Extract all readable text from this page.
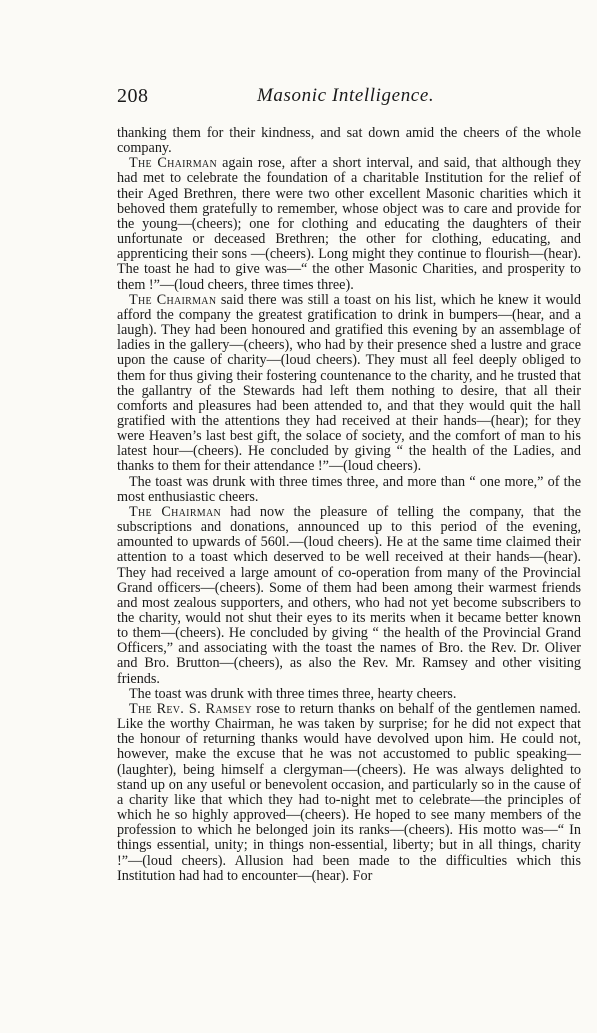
208	Masonic Intelligence.

thanking them for their kindness, and sat down amid the cheers of the whole company.

The Chairman again rose, after a short interval, and said, that although they had met to celebrate the foundation of a charitable Institution for the relief of their Aged Brethren, there were two other excellent Masonic charities which it behoved them gratefully to remember, whose object was to care and provide for the young—(cheers); one for clothing and educating the daughters of their unfortunate or deceased Brethren; the other for clothing, educating, and apprenticing their sons —(cheers). Long might they continue to flourish—(hear). The toast he had to give was—“ the other Masonic Charities, and prosperity to them !”—(loud cheers, three times three).

The Chairman said there was still a toast on his list, which he knew it would afford the company the greatest gratification to drink in bumpers—(hear, and a laugh). They had been honoured and gratified this evening by an assemblage of ladies in the gallery—(cheers), who had by their presence shed a lustre and grace upon the cause of charity—(loud cheers). They must all feel deeply obliged to them for thus giving their fostering countenance to the charity, and he trusted that the gallantry of the Stewards had left them nothing to desire, that all their comforts and pleasures had been attended to, and that they would quit the hall gratified with the attentions they had received at their hands—(hear); for they were Heaven’s last best gift, the solace of society, and the comfort of man to his latest hour—(cheers). He concluded by giving “ the health of the Ladies, and thanks to them for their attendance !”—(loud cheers).

The toast was drunk with three times three, and more than “ one more,” of the most enthusiastic cheers.

The Chairman had now the pleasure of telling the company, that the subscriptions and donations, announced up to this period of the evening, amounted to upwards of 560l.—(loud cheers). He at the same time claimed their attention to a toast which deserved to be well received at their hands—(hear). They had received a large amount of co-operation from many of the Provincial Grand officers—(cheers). Some of them had been among their warmest friends and most zealous supporters, and others, who had not yet become subscribers to the charity, would not shut their eyes to its merits when it became better known to them—(cheers). He concluded by giving “ the health of the Provincial Grand Officers,” and associating with the toast the names of Bro. the Rev. Dr. Oliver and Bro. Brutton—(cheers), as also the Rev. Mr. Ramsey and other visiting friends.

The toast was drunk with three times three, hearty cheers.

The Rev. S. Ramsey rose to return thanks on behalf of the gentlemen named. Like the worthy Chairman, he was taken by surprise; for he did not expect that the honour of returning thanks would have devolved upon him. He could not, however, make the excuse that he was not accustomed to public speaking—(laughter), being himself a clergyman—(cheers). He was always delighted to stand up on any useful or benevolent occasion, and particularly so in the cause of a charity like that which they had to-night met to celebrate—the principles of which he so highly approved—(cheers). He hoped to see many members of the profession to which he belonged join its ranks—(cheers). His motto was—“ In things essential, unity; in things non-essential, liberty; but in all things, charity !”—(loud cheers). Allusion had been made to the difficulties which this Institution had had to encounter—(hear). For
